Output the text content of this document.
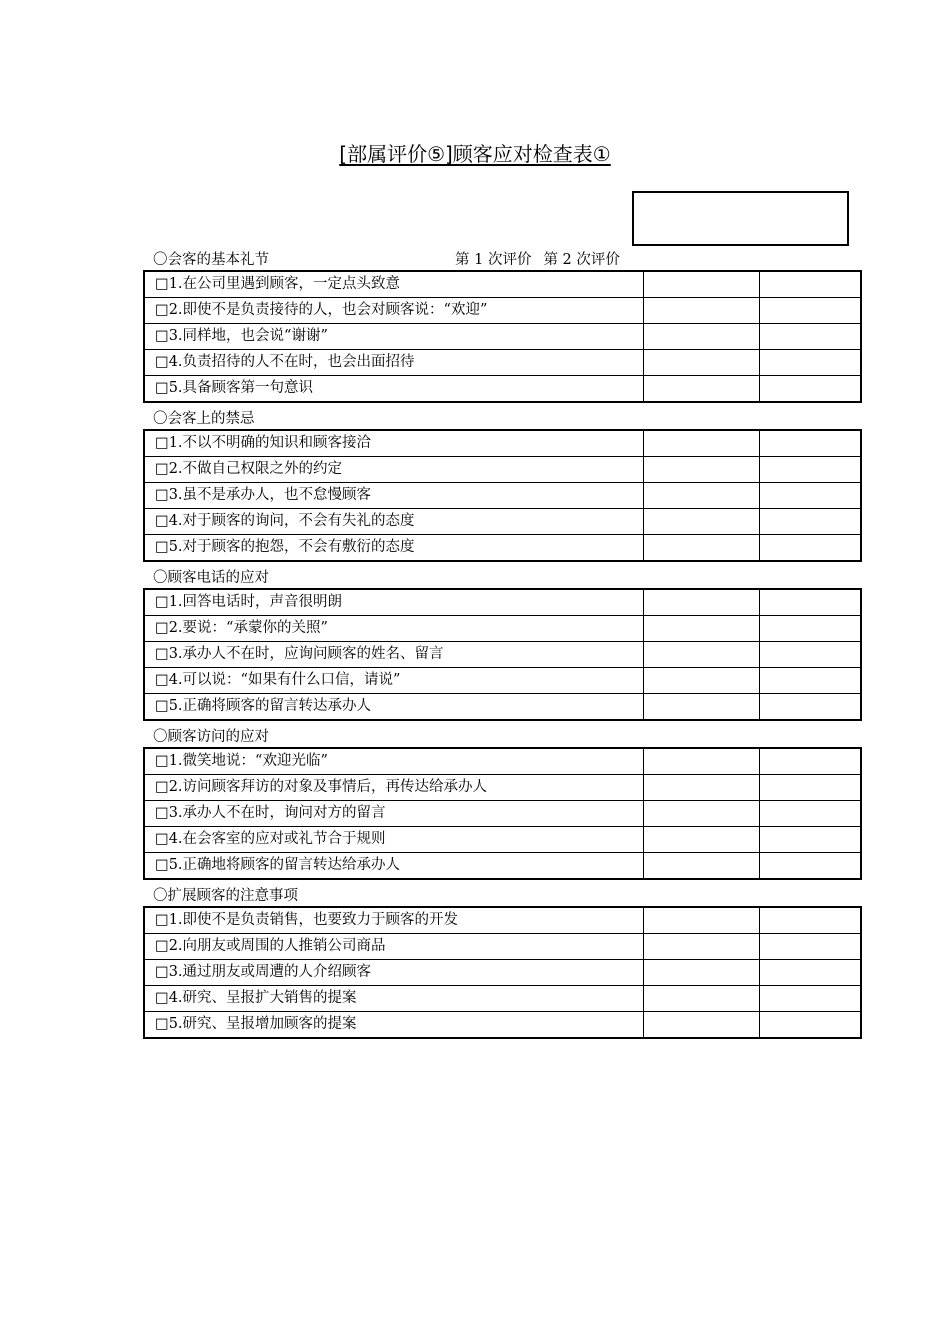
[部属评价⑤]顾客应对检查表①
〇会客的基本礼节	第 1 次评价 第 2 次评价
□1.在公司里遇到顾客，一定点头致意		
□2.即使不是负责接待的人，也会对顾客说：“欢迎”		
□3.同样地，也会说“谢谢”		
□4.负责招待的人不在时，也会出面招待		
□5.具备顾客第一句意识		
〇会客上的禁忌
□1.不以不明确的知识和顾客接洽		
□2.不做自己权限之外的约定		
□3.虽不是承办人，也不怠慢顾客		
□4.对于顾客的询问，不会有失礼的态度		
□5.对于顾客的抱怨，不会有敷衍的态度		
〇顾客电话的应对
□1.回答电话时，声音很明朗		
□2.要说：“承蒙你的关照”		
□3.承办人不在时，应询问顾客的姓名、留言		
□4.可以说：“如果有什么口信，请说”		
□5.正确将顾客的留言转达承办人		
〇顾客访问的应对
□1.微笑地说：“欢迎光临”		
□2.访问顾客拜访的对象及事情后，再传达给承办人		
□3.承办人不在时，询问对方的留言		
□4.在会客室的应对或礼节合于规则		
□5.正确地将顾客的留言转达给承办人		
〇扩展顾客的注意事项
□1.即使不是负责销售，也要致力于顾客的开发		
□2.向朋友或周围的人推销公司商品		
□3.通过朋友或周遭的人介绍顾客		
□4.研究、呈报扩大销售的提案		
□5.研究、呈报增加顾客的提案		
